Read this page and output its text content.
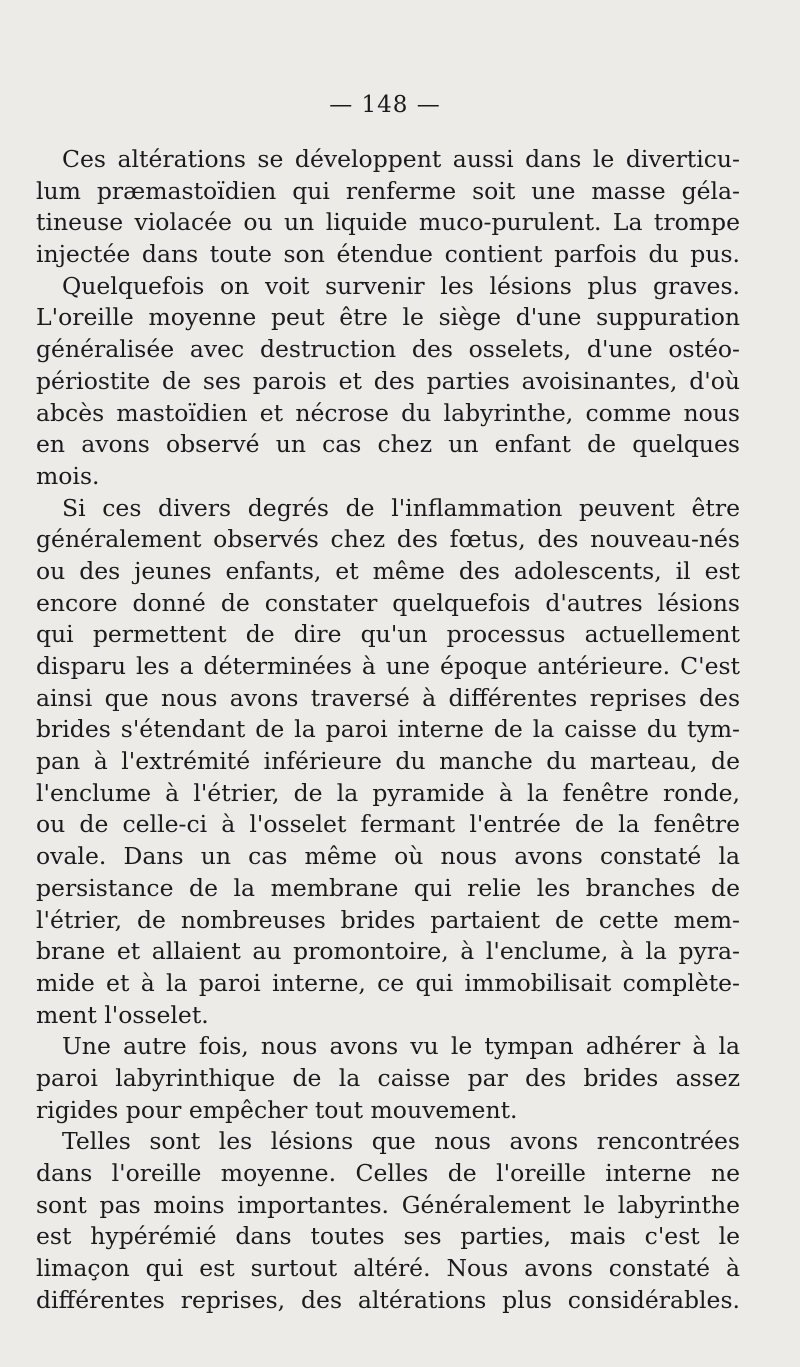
— 148 —
Ces altérations se développent aussi dans le diverticu-
lum præmastoïdien qui renferme soit une masse géla-
tineuse violacée ou un liquide muco-purulent. La trompe
injectée dans toute son étendue contient parfois du pus.
Quelquefois on voit survenir les lésions plus graves.
L'oreille moyenne peut être le siège d'une suppuration
généralisée avec destruction des osselets, d'une ostéo-
périostite de ses parois et des parties avoisinantes, d'où
abcès mastoïdien et nécrose du labyrinthe, comme nous
en avons observé un cas chez un enfant de quelques
mois.
Si ces divers degrés de l'inflammation peuvent être
généralement observés chez des fœtus, des nouveau-nés
ou des jeunes enfants, et même des adolescents, il est
encore donné de constater quelquefois d'autres lésions
qui permettent de dire qu'un processus actuellement
disparu les a déterminées à une époque antérieure. C'est
ainsi que nous avons traversé à différentes reprises des
brides s'étendant de la paroi interne de la caisse du tym-
pan à l'extrémité inférieure du manche du marteau, de
l'enclume à l'étrier, de la pyramide à la fenêtre ronde,
ou de celle-ci à l'osselet fermant l'entrée de la fenêtre
ovale. Dans un cas même où nous avons constaté la
persistance de la membrane qui relie les branches de
l'étrier, de nombreuses brides partaient de cette mem-
brane et allaient au promontoire, à l'enclume, à la pyra-
mide et à la paroi interne, ce qui immobilisait complète-
ment l'osselet.
Une autre fois, nous avons vu le tympan adhérer à la
paroi labyrinthique de la caisse par des brides assez
rigides pour empêcher tout mouvement.
Telles sont les lésions que nous avons rencontrées
dans l'oreille moyenne. Celles de l'oreille interne ne
sont pas moins importantes. Généralement le labyrinthe
est hypérémié dans toutes ses parties, mais c'est le
limaçon qui est surtout altéré. Nous avons constaté à
différentes reprises, des altérations plus considérables.
